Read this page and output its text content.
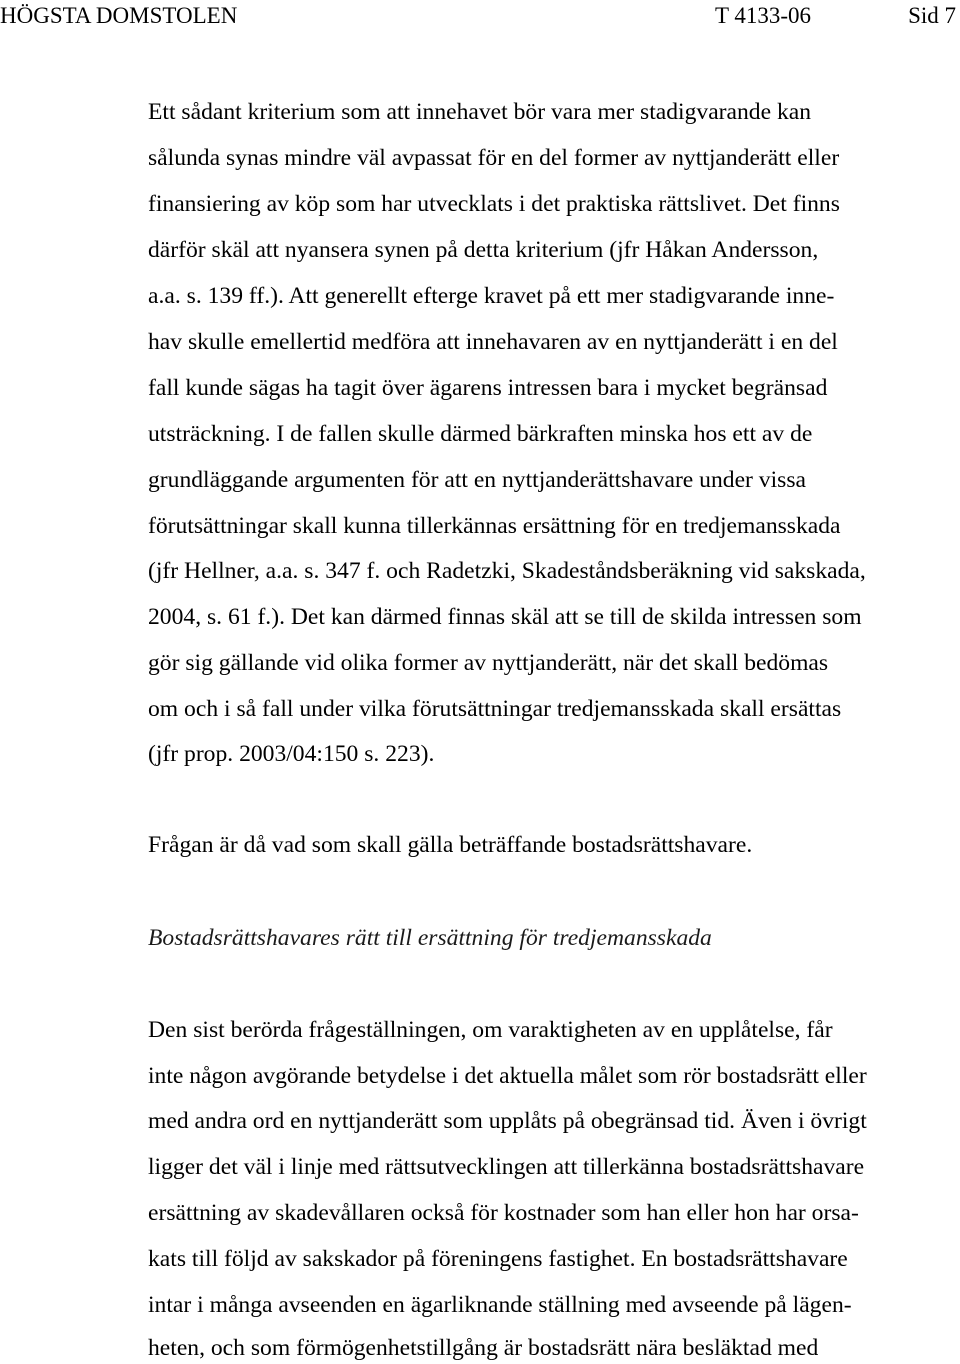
HÖGSTA DOMSTOLEN	T 4133-06	Sid 7
Ett sådant kriterium som att innehavet bör vara mer stadigvarande kan
sålunda synas mindre väl avpassat för en del former av nyttjanderätt eller
finansiering av köp som har utvecklats i det praktiska rättslivet. Det finns
därför skäl att nyansera synen på detta kriterium (jfr Håkan Andersson,
a.a. s. 139 ff.). Att generellt efterge kravet på ett mer stadigvarande inne-
hav skulle emellertid medföra att innehavaren av en nyttjanderätt i en del
fall kunde sägas ha tagit över ägarens intressen bara i mycket begränsad
utsträckning. I de fallen skulle därmed bärkraften minska hos ett av de
grundläggande argumenten för att en nyttjanderättshavare under vissa
förutsättningar skall kunna tillerkännas ersättning för en tredjemansskada
(jfr Hellner, a.a. s. 347 f. och Radetzki, Skadeståndsberäkning vid sakskada,
2004, s. 61 f.). Det kan därmed finnas skäl att se till de skilda intressen som
gör sig gällande vid olika former av nyttjanderätt, när det skall bedömas
om och i så fall under vilka förutsättningar tredjemansskada skall ersättas
(jfr prop. 2003/04:150 s. 223).
Frågan är då vad som skall gälla beträffande bostadsrättshavare.
Bostadsrättshavares rätt till ersättning för tredjemansskada
Den sist berörda frågeställningen, om varaktigheten av en upplåtelse, får
inte någon avgörande betydelse i det aktuella målet som rör bostadsrätt eller
med andra ord en nyttjanderätt som upplåts på obegränsad tid. Även i övrigt
ligger det väl i linje med rättsutvecklingen att tillerkänna bostadsrättshavare
ersättning av skadevållaren också för kostnader som han eller hon har orsa-
kats till följd av sakskador på föreningens fastighet. En bostadsrättshavare
intar i många avseenden en ägarliknande ställning med avseende på lägen-
heten, och som förmögenhetstillgång är bostadsrätt nära besläktad med
